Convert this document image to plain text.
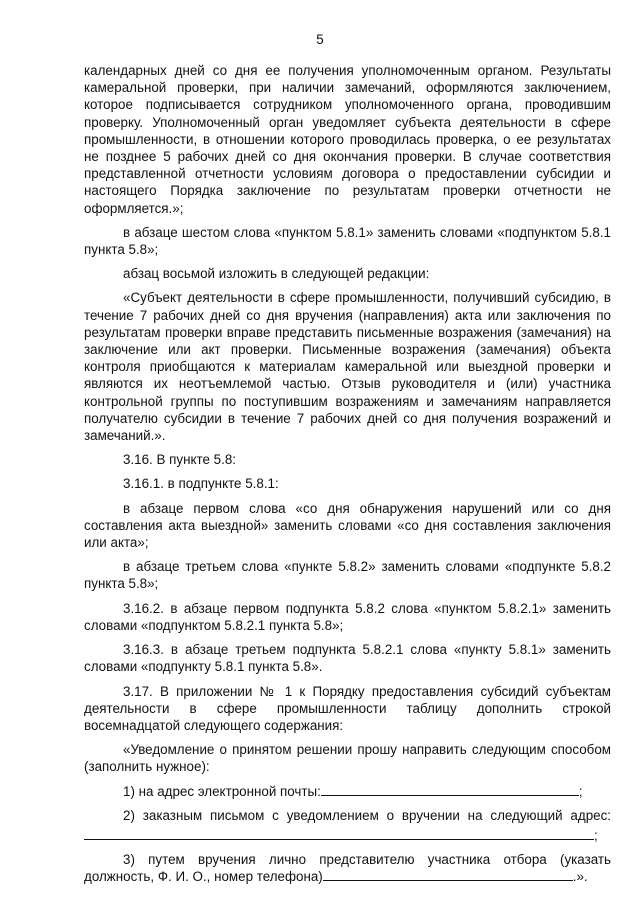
5

календарных дней со дня ее получения уполномоченным органом. Результаты камеральной проверки, при наличии замечаний, оформляются заключением, которое подписывается сотрудником уполномоченного органа, проводившим проверку. Уполномоченный орган уведомляет субъекта деятельности в сфере промышленности, в отношении которого проводилась проверка, о ее результатах не позднее 5 рабочих дней со дня окончания проверки. В случае соответствия представленной отчетности условиям договора о предоставлении субсидии и настоящего Порядка заключение по результатам проверки отчетности не оформляется.»;

в абзаце шестом слова «пунктом 5.8.1» заменить словами «подпунктом 5.8.1 пункта 5.8»;

абзац восьмой изложить в следующей редакции:

«Субъект деятельности в сфере промышленности, получивший субсидию, в течение 7 рабочих дней со дня вручения (направления) акта или заключения по результатам проверки вправе представить письменные возражения (замечания) на заключение или акт проверки. Письменные возражения (замечания) объекта контроля приобщаются к материалам камеральной или выездной проверки и являются их неотъемлемой частью. Отзыв руководителя и (или) участника контрольной группы по поступившим возражениям и замечаниям направляется получателю субсидии в течение 7 рабочих дней со дня получения возражений и замечаний.».

3.16. В пункте 5.8:

3.16.1. в подпункте 5.8.1:

в абзаце первом слова «со дня обнаружения нарушений или со дня составления акта выездной» заменить словами «со дня составления заключения или акта»;

в абзаце третьем слова «пункте 5.8.2» заменить словами «подпункте 5.8.2 пункта 5.8»;

3.16.2. в абзаце первом подпункта 5.8.2 слова «пунктом 5.8.2.1» заменить словами «подпунктом 5.8.2.1 пункта 5.8»;

3.16.3. в абзаце третьем подпункта 5.8.2.1 слова «пункту 5.8.1» заменить словами «подпункту 5.8.1 пункта 5.8».

3.17. В приложении № 1 к Порядку предоставления субсидий субъектам деятельности в сфере промышленности таблицу дополнить строкой восемнадцатой следующего содержания:

«Уведомление о принятом решении прошу направить следующим способом (заполнить нужное):

1) на адрес электронной почты:	;

2) заказным письмом с уведомлением о вручении на следующий адрес:;

3) путем вручения лично представителю участника отбора (указать должность, Ф. И. О., номер телефона)	.».
